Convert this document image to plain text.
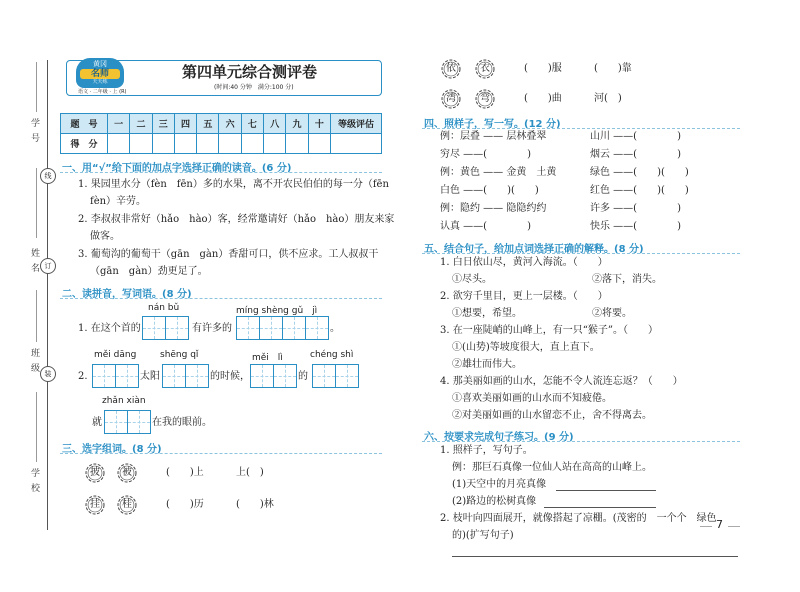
学号
姓名
班级
学校
线
订
装
黄冈
名师
天天练
语文 · 二年级 · 上 (R)
第四单元综合测评卷
(时间:40 分钟　满分:100 分)
题　号	一	二	三	四	五	六	七	八	九	十	等级评估
得　分											
一、用“√”给下面的加点字选择正确的读音。(6 分)
1. 果园里水分（fèn　fēn）多的水果，离不开农民伯伯的每一分（fēn
fèn）辛劳。
2. 李叔叔非常好（hǎo　hào）客，经常邀请好（hǎo　hào）朋友来家
做客。
3. 葡萄沟的葡萄干（gān　gàn）香甜可口，供不应求。工人叔叔干
（gān　gàn）劲更足了。
二、读拼音，写词语。(8 分)
nán bǔ	míng shèng gǔ　jì
1. 在这个首的	有许多的	。
měi dāng	shēng qǐ	měi　lì	chéng shì
2.	太阳	的时候，	的
zhǎn xiàn
就	在我的眼前。
三、选字组词。(8 分)
披	被	(　　)上	上(　)
挂	桂	(　　)历	(　　)林
依	衣	(　　)服	(　　)靠
湾	弯	(　　)曲	河(　)
四、照样子，写一写。(12 分)
例：层叠 —— 层林叠翠	山川 ——(　　　　)
穷尽 ——(　　　　)	烟云 ——(　　　　)
例：黄色 —— 金黄　土黄	绿色 ——(　　)(　　)
白色 ——(　　)(　　)	红色 ——(　　)(　　)
例：隐约 —— 隐隐约约	许多 ——(　　　　)
认真 ——(　　　　)	快乐 ——(　　　　)
五、结合句子，给加点词选择正确的解释。(8 分)
1. 白日依山尽，黄河入海流。（　　）
①尽头。	②落下，消失。
2. 欲穷千里目，更上一层楼。（　　）
①想要，希望。	②将要。
3. 在一座陡峭的山峰上，有一只“猴子”。（　　）
①(山势)等坡度很大，直上直下。
②雄壮而伟大。
4. 那美丽如画的山水，怎能不令人流连忘返？（　　）
①喜欢美丽如画的山水而不知疲倦。
②对美丽如画的山水留恋不止，舍不得离去。
六、按要求完成句子练习。(9 分)
1. 照样子，写句子。
例：那巨石真像一位仙人站在高高的山峰上。
(1)天空中的月亮真像
(2)路边的松树真像
2. 枝叶向四面展开，就像搭起了凉棚。(茂密的　一个个　绿色
的)(扩写句子)
7
